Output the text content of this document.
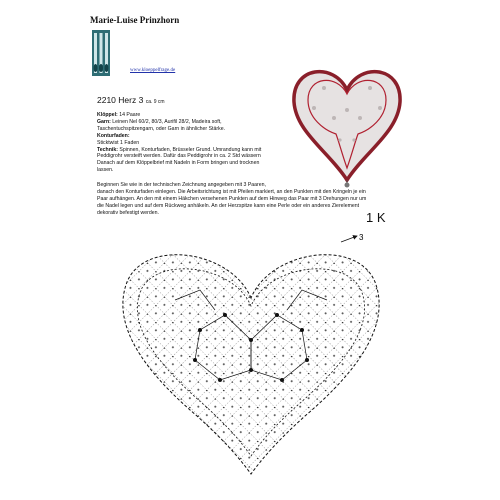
Marie-Luise Prinzhorn
www.kloeppelfrage.de
2210 Herz 3 ca. 9 cm

Klöppel: 14 Paare

Garn: Leinen Nel 60/2, 80/3, Aurifil 28/2, Madeira soft,

Taschentuchspitzengarn, oder Garn in ähnlicher Stärke.

Konturfaden:

Sticktwist 1 Faden

Technik: Spinnen, Konturfaden, Brüsseler Grund. Umrandung kann mit

Peddigrohr versteift werden. Dafür das Peddigrohr in ca. 2 Std wässern

Danach auf dem Klöppelbrief mit Nadeln in Form bringen und trocknen

lassen.

Beginnen Sie wie in der technischen Zeichnung angegeben mit 3 Paaren,

danach den Konturfaden einlegen. Die Arbeitsrichtung ist mit Pfeilen markiert, an den Punkten mit den Kringeln je ein

Paar aufhängen. An den mit einem Häkchen versehenen Punkten auf dem Hinweg das Paar mit 3 Drehungen nur um

die Nadel legen und auf dem Rückweg anhäkeln. An der Herzspitze kann eine Perle oder ein anderes Zierelement

dekorativ befestigt werden.	1 K
3
